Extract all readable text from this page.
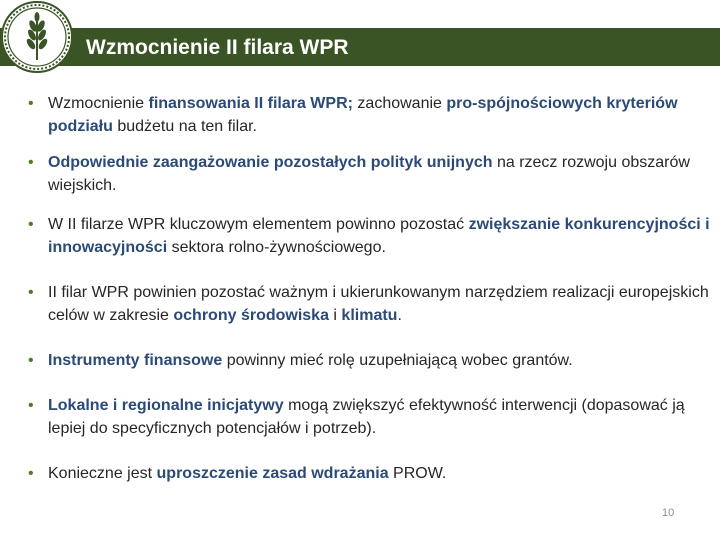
Wzmocnienie II filara WPR
• Wzmocnienie finansowania II filara WPR; zachowanie pro-spójnościowych kryteriów podziału budżetu na ten filar.
• Odpowiednie zaangażowanie pozostałych polityk unijnych na rzecz rozwoju obszarów wiejskich.
• W II filarze WPR kluczowym elementem powinno pozostać zwiększanie konkurencyjności i innowacyjności sektora rolno-żywnościowego.
• II filar WPR powinien pozostać ważnym i ukierunkowanym narzędziem realizacji europejskich celów w zakresie ochrony środowiska i klimatu.
• Instrumenty finansowe powinny mieć rolę uzupełniającą wobec grantów.
• Lokalne i regionalne inicjatywy mogą zwiększyć efektywność interwencji (dopasować ją lepiej do specyficznych potencjałów i potrzeb).
• Konieczne jest uproszczenie zasad wdrażania PROW.
10
